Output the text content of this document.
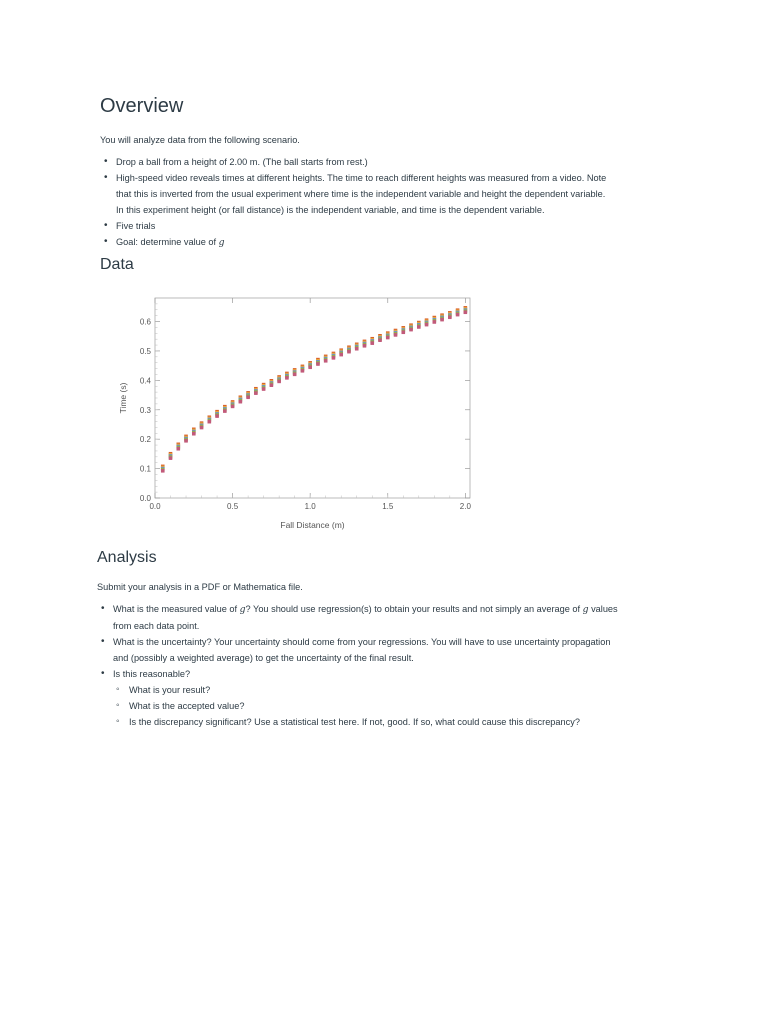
Overview

You will analyze data from the following scenario.

• Drop a ball from a height of 2.00 m. (The ball starts from rest.)
• High-speed video reveals times at different heights. The time to reach different heights was measured from a video. Note
that this is inverted from the usual experiment where time is the independent variable and height the dependent variable.
In this experiment height (or fall distance) is the independent variable, and time is the dependent variable.
• Five trials
• Goal: determine value of g
Data
0.0	0.5	1.0	1.5	2.0
0.0
0.1
0.2
0.3
0.4
0.5
0.6
Fall Distance (m)
Time (s)
Analysis

Submit your analysis in a PDF or Mathematica file.

• What is the measured value of g? You should use regression(s) to obtain your results and not simply an average of g values
from each data point.
• What is the uncertainty? Your uncertainty should come from your regressions. You will have to use uncertainty propagation
and (possibly a weighted average) to get the uncertainty of the final result.
• Is this reasonable?
◦ What is your result?
◦ What is the accepted value?
◦ Is the discrepancy significant? Use a statistical test here. If not, good. If so, what could cause this discrepancy?
